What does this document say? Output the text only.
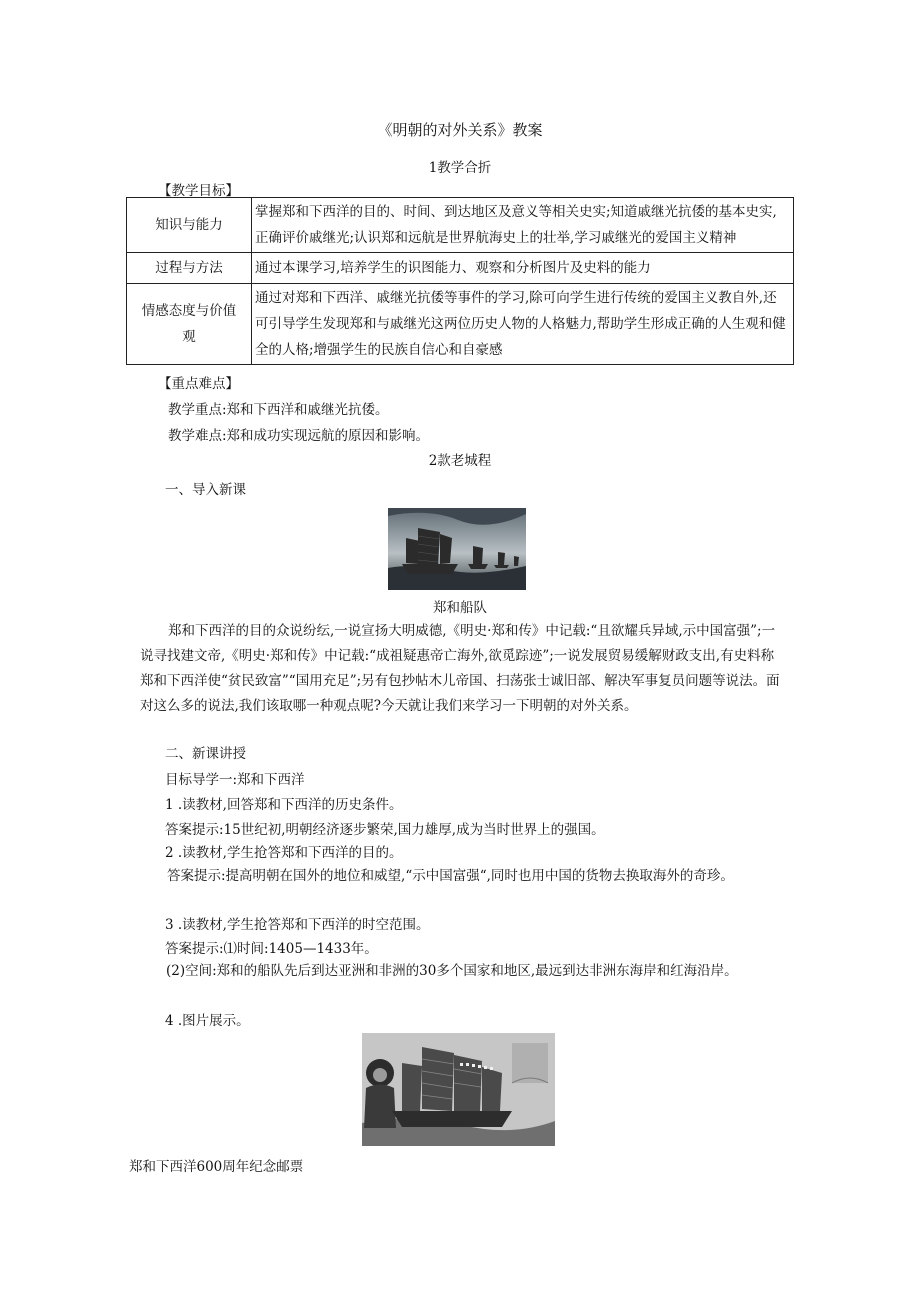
《明朝的对外关系》教案
1教学合折
【教学目标】
知识与能力	掌握郑和下西洋的目的、时间、到达地区及意义等相关史实;知道戚继光抗倭的基本史实,正确评价戚继光;认识郑和远航是世界航海史上的壮举,学习戚继光的爱国主义精神
过程与方法	通过本课学习,培养学生的识图能力、观察和分析图片及史料的能力
情感态度与价值观	通过对郑和下西洋、戚继光抗倭等事件的学习,除可向学生进行传统的爱国主义教自外,还可引导学生发现郑和与戚继光这两位历史人物的人格魅力,帮助学生形成正确的人生观和健全的人格;增强学生的民族自信心和自豪感
【重点难点】
教学重点:郑和下西洋和戚继光抗倭。
教学难点:郑和成功实现远航的原因和影响。
2款老城程
一、导入新课
郑和船队
郑和下西洋的目的众说纷纭,一说宣扬大明威德,《明史·郑和传》中记载:“且欲耀兵异域,示中国富强”;一说寻找建文帝,《明史·郑和传》中记载:“成祖疑惠帝亡海外,欲觅踪迹”;一说发展贸易缓解财政支出,有史料称郑和下西洋使“贫民致富”“国用充足”;另有包抄帖木儿帝国、扫荡张士诚旧部、解决军事复员问题等说法。面对这么多的说法,我们该取哪一种观点呢?今天就让我们来学习一下明朝的对外关系。
二、新课讲授
目标导学一:郑和下西洋
1 .读教材,回答郑和下西洋的历史条件。
答案提示:15世纪初,明朝经济逐步繁荣,国力雄厚,成为当时世界上的强国。
2 .读教材,学生抢答郑和下西洋的目的。
答案提示:提高明朝在国外的地位和威望,“示中国富强“,同时也用中国的货物去换取海外的奇珍。
3 .读教材,学生抢答郑和下西洋的时空范围。
答案提示:⑴时间:1405—1433年。
(2)空间:郑和的船队先后到达亚洲和非洲的30多个国家和地区,最远到达非洲东海岸和红海沿岸。
4 .图片展示。
郑和下西洋600周年纪念邮票
